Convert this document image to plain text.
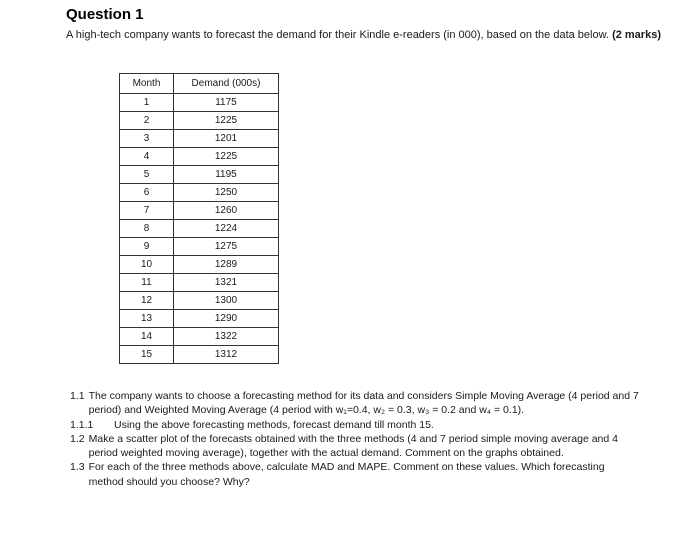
Question 1
A high-tech company wants to forecast the demand for their Kindle e-readers (in 000), based on the data below. (2 marks)
Month	Demand (000s)
1	1175
2	1225
3	1201
4	1225
5	1195
6	1250
7	1260
8	1224
9	1275
10	1289
11	1321
12	1300
13	1290
14	1322
15	1312
1.1 The company wants to choose a forecasting method for its data and considers Simple Moving Average (4 period and 7 period) and Weighted Moving Average (4 period with w₁=0.4, w₂ = 0.3, w₃ = 0.2 and w₄ = 0.1).
1.1.1	Using the above forecasting methods, forecast demand till month 15.
1.2 Make a scatter plot of the forecasts obtained with the three methods (4 and 7 period simple moving average and 4 period weighted moving average), together with the actual demand. Comment on the graphs obtained.
1.3 For each of the three methods above, calculate MAD and MAPE. Comment on these values. Which forecasting method should you choose? Why?
